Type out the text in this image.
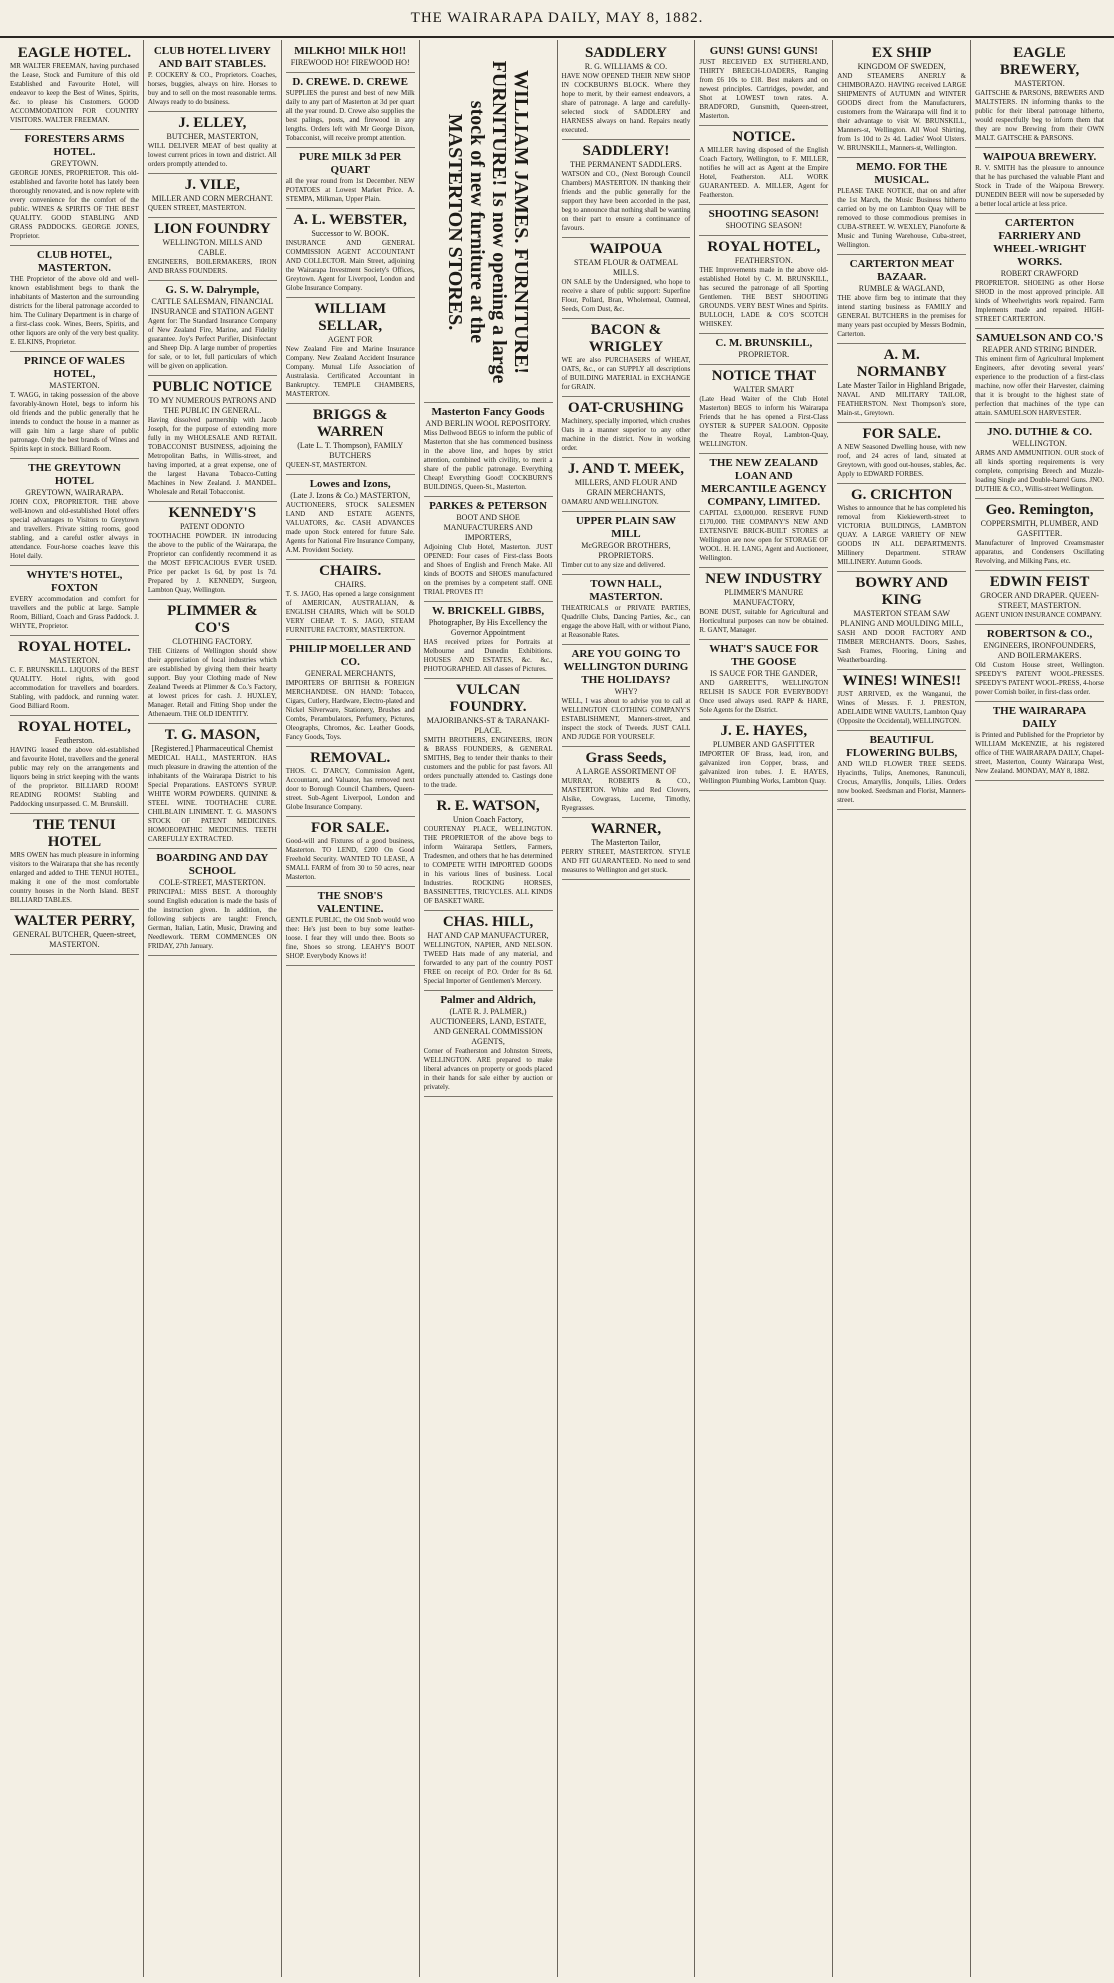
THE WAIRARAPA DAILY, MAY 8, 1882.
EAGLE HOTEL.
MR WALTER FREEMAN, having purchased the Lease, Stock and Furniture of this old Established and Favourite Hotel, will endeavor to keep the Best of Wines, Spirits, &c. to please his Customers. GOOD ACCOMMODATION FOR COUNTRY VISITORS. WALTER FREEMAN.
FORESTERS ARMS HOTEL.
GREYTOWN.
GEORGE JONES, PROPRIETOR. This old-established and favorite hotel has lately been thoroughly renovated, and is now replete with every convenience for the comfort of the public. WINES & SPIRITS OF THE BEST QUALITY. GOOD STABLING AND GRASS PADDOCKS. GEORGE JONES, Proprietor.
CLUB HOTEL, MASTERTON.
THE Proprietor of the above old and well-known establishment begs to thank the inhabitants of Masterton and the surrounding districts for the liberal patronage accorded to him. The Culinary Department is in charge of a first-class cook. Wines, Beers, Spirits, and other liquors are only of the very best quality. E. ELKINS, Proprietor.
PRINCE OF WALES HOTEL,
MASTERTON.
T. WAGG, in taking possession of the above favorably-known Hotel, begs to inform his old friends and the public generally that he intends to conduct the house in a manner as will gain him a large share of public patronage. Only the best brands of Wines and Spirits kept in stock. Billiard Room.
THE GREYTOWN HOTEL
GREYTOWN, WAIRARAPA.
JOHN COX, PROPRIETOR. THE above well-known and old-established Hotel offers special advantages to Visitors to Greytown and travellers. Private sitting rooms, good stabling, and a careful ostler always in attendance. Four-horse coaches leave this Hotel daily.
WHYTE'S HOTEL, FOXTON
EVERY accommodation and comfort for travellers and the public at large. Sample Room, Billiard, Coach and Grass Paddock. J. WHYTE, Proprietor.
ROYAL HOTEL.
MASTERTON.
C. F. BRUNSKILL. LIQUORS of the BEST QUALITY. Hotel rights, with good accommodation for travellers and boarders. Stabling, with paddock, and running water. Good Billiard Room.
ROYAL HOTEL,
Featherston.
HAVING leased the above old-established and favourite Hotel, travellers and the general public may rely on the arrangements and liquors being in strict keeping with the wants of the proprietor. BILLIARD ROOM! READING ROOMS! Stabling and Paddocking unsurpassed. C. M. Brunskill.
THE TENUI HOTEL
MRS OWEN has much pleasure in informing visitors to the Wairarapa that she has recently enlarged and added to THE TENUI HOTEL, making it one of the most comfortable country houses in the North Island. BEST BILLIARD TABLES.
WALTER PERRY,
GENERAL BUTCHER, Queen-street, MASTERTON.
CLUB HOTEL LIVERY AND BAIT STABLES.
P. COCKERY & CO., Proprietors. Coaches, horses, buggies, always on hire. Horses to buy and to sell on the most reasonable terms. Always ready to do business.
J. ELLEY,
BUTCHER, MASTERTON,
WILL DELIVER MEAT of best quality at lowest current prices in town and district. All orders promptly attended to.
J. VILE,
MILLER AND CORN MERCHANT.
QUEEN STREET, MASTERTON.
LION FOUNDRY
WELLINGTON. MILLS AND CABLE.
ENGINEERS, BOILERMAKERS, IRON AND BRASS FOUNDERS.
G. S. W. Dalrymple,
CATTLE SALESMAN, FINANCIAL INSURANCE and STATION AGENT
Agent for: The Standard Insurance Company of New Zealand Fire, Marine, and Fidelity guarantee. Joy's Perfect Purifier, Disinfectant and Sheep Dip. A large number of properties for sale, or to let, full particulars of which will be given on application.
PUBLIC NOTICE
TO MY NUMEROUS PATRONS AND THE PUBLIC IN GENERAL.
Having dissolved partnership with Jacob Joseph, for the purpose of extending more fully in my WHOLESALE AND RETAIL TOBACCONIST BUSINESS, adjoining the Metropolitan Baths, in Willis-street, and having imported, at a great expense, one of the largest Havana Tobacco-Cutting Machines in New Zealand. J. MANDEL. Wholesale and Retail Tobacconist.
KENNEDY'S
PATENT ODONTO
TOOTHACHE POWDER. IN introducing the above to the public of the Wairarapa, the Proprietor can confidently recommend it as the MOST EFFICACIOUS EVER USED. Price per packet 1s 6d, by post 1s 7d. Prepared by J. KENNEDY, Surgeon, Lambton Quay, Wellington.
PLIMMER & CO'S
CLOTHING FACTORY.
THE Citizens of Wellington should show their appreciation of local industries which are established by giving them their hearty support. Buy your Clothing made of New Zealand Tweeds at Plimmer & Co.'s Factory, at lowest prices for cash. J. HUXLEY, Manager. Retail and Fitting Shop under the Athenaeum. THE OLD IDENTITY.
T. G. MASON,
[Registered.] Pharmaceutical Chemist
MEDICAL HALL, MASTERTON. HAS much pleasure in drawing the attention of the inhabitants of the Wairarapa District to his Special Preparations. EASTON'S SYRUP. WHITE WORM POWDERS. QUININE & STEEL WINE. TOOTHACHE CURE. CHILBLAIN LINIMENT. T. G. MASON'S STOCK OF PATENT MEDICINES. HOMOEOPATHIC MEDICINES. TEETH CAREFULLY EXTRACTED.
BOARDING AND DAY SCHOOL
COLE-STREET, MASTERTON.
PRINCIPAL: MISS BEST. A thoroughly sound English education is made the basis of the instruction given. In addition, the following subjects are taught: French, German, Italian, Latin, Music, Drawing and Needlework. TERM COMMENCES ON FRIDAY, 27th January.
MILKHO! MILK HO!!
FIREWOOD HO! FIREWOOD HO!
D. CREWE. D. CREWE
SUPPLIES the purest and best of new Milk daily to any part of Masterton at 3d per quart all the year round. D. Crewe also supplies the best palings, posts, and firewood in any lengths. Orders left with Mr George Dixon, Tobacconist, will receive prompt attention.
PURE MILK 3d PER QUART
all the year round from 1st December. NEW POTATOES at Lowest Market Price. A. STEMPA, Milkman, Upper Plain.
A. L. WEBSTER,
Successor to W. BOOK.
INSURANCE AND GENERAL COMMISSION AGENT ACCOUNTANT AND COLLECTOR. Main Street, adjoining the Wairarapa Investment Society's Offices, Greytown. Agent for Liverpool, London and Globe Insurance Company.
WILLIAM SELLAR,
AGENT FOR
New Zealand Fire and Marine Insurance Company. New Zealand Accident Insurance Company. Mutual Life Association of Australasia. Certificated Accountant in Bankruptcy. TEMPLE CHAMBERS, MASTERTON.
BRIGGS & WARREN
(Late L. T. Thompson), FAMILY BUTCHERS
QUEEN-ST, MASTERTON.
Lowes and Izons,
(Late J. Izons & Co.) MASTERTON,
AUCTIONEERS, STOCK SALESMEN LAND AND ESTATE AGENTS, VALUATORS, &c. CASH ADVANCES made upon Stock entered for future Sale. Agents for National Fire Insurance Company, A.M. Provident Society.
CHAIRS.
CHAIRS.
T. S. JAGO, Has opened a large consignment of AMERICAN, AUSTRALIAN, & ENGLISH CHAIRS, Which will be SOLD VERY CHEAP. T. S. JAGO, STEAM FURNITURE FACTORY, MASTERTON.
PHILIP MOELLER AND CO.
GENERAL MERCHANTS,
IMPORTERS OF BRITISH & FOREIGN MERCHANDISE. ON HAND: Tobacco, Cigars, Cutlery, Hardware, Electro-plated and Nickel Silverware, Stationery, Brushes and Combs, Perambulators, Perfumery, Pictures, Oleographs, Chromos, &c. Leather Goods, Fancy Goods, Toys.
REMOVAL.
THOS. C. D'ARCY, Commission Agent, Accountant, and Valuator, has removed next door to Borough Council Chambers, Queen-street. Sub-Agent Liverpool, London and Globe Insurance Company.
FOR SALE.
Good-will and Fixtures of a good business, Masterton. TO LEND, £200 On Good Freehold Security. WANTED TO LEASE, A SMALL FARM of from 30 to 50 acres, near Masterton.
THE SNOB'S VALENTINE.
GENTLE PUBLIC, the Old Snob would woo thee: He's just been to buy some leather-loose. I fear they will undo thee. Boots so fine, Shoes so strong. LEAHY'S BOOT SHOP. Everybody Knows it!
WILLIAM JAMES. FURNITURE! FURNITURE! Is now opening a large stock of new furniture at the MASTERTON STORES.
Masterton Fancy Goods
AND BERLIN WOOL REPOSITORY.
Miss Dellwood BEGS to inform the public of Masterton that she has commenced business in the above line, and hopes by strict attention, combined with civility, to merit a share of the public patronage. Everything Cheap! Everything Good! COCKBURN'S BUILDINGS, Queen-St., Masterton.
PARKES & PETERSON
BOOT AND SHOE MANUFACTURERS AND IMPORTERS,
Adjoining Club Hotel, Masterton. JUST OPENED: Four cases of First-class Boots and Shoes of English and French Make. All kinds of BOOTS and SHOES manufactured on the premises by a competent staff. ONE TRIAL PROVES IT!
W. BRICKELL GIBBS,
Photographer, By His Excellency the Governor Appointment
HAS received prizes for Portraits at Melbourne and Dunedin Exhibitions. HOUSES AND ESTATES, &c. &c., PHOTOGRAPHED. All classes of Pictures.
VULCAN FOUNDRY.
MAJORIBANKS-ST & TARANAKI-PLACE.
SMITH BROTHERS, ENGINEERS, IRON & BRASS FOUNDERS, & GENERAL SMITHS, Beg to tender their thanks to their customers and the public for past favors. All orders punctually attended to. Castings done to the trade.
R. E. WATSON,
Union Coach Factory,
COURTENAY PLACE, WELLINGTON. THE PROPRIETOR of the above begs to inform Wairarapa Settlers, Farmers, Tradesmen, and others that he has determined to COMPETE WITH IMPORTED GOODS in his various lines of business. Local Industries. ROCKING HORSES, BASSINETTES, TRICYCLES. ALL KINDS OF BASKET WARE.
CHAS. HILL,
HAT AND CAP MANUFACTURER,
WELLINGTON, NAPIER, AND NELSON. TWEED Hats made of any material, and forwarded to any part of the country POST FREE on receipt of P.O. Order for 8s 6d. Special Importer of Gentlemen's Mercery.
Palmer and Aldrich,
(LATE R. J. PALMER,) AUCTIONEERS, LAND, ESTATE, AND GENERAL COMMISSION AGENTS,
Corner of Featherston and Johnston Streets, WELLINGTON. ARE prepared to make liberal advances on property or goods placed in their hands for sale either by auction or privately.
SADDLERY
R. G. WILLIAMS & CO.
HAVE NOW OPENED THEIR NEW SHOP IN COCKBURN'S BLOCK. Where they hope to merit, by their earnest endeavors, a share of patronage. A large and carefully-selected stock of SADDLERY and HARNESS always on hand. Repairs neatly executed.
SADDLERY!
THE PERMANENT SADDLERS.
WATSON and CO., (Next Borough Council Chambers) MASTERTON. IN thanking their friends and the public generally for the support they have been accorded in the past, beg to announce that nothing shall be wanting on their part to ensure a continuance of favours.
WAIPOUA
STEAM FLOUR & OATMEAL MILLS.
ON SALE by the Undersigned, who hope to receive a share of public support: Superfine Flour, Pollard, Bran, Wholemeal, Oatmeal, Seeds, Corn Dust, &c.
BACON & WRIGLEY
WE are also PURCHASERS of WHEAT, OATS, &c., or can SUPPLY all descriptions of BUILDING MATERIAL in EXCHANGE for GRAIN.
OAT-CRUSHING
Machinery, specially imported, which crushes Oats in a manner superior to any other machine in the district. Now in working order.
J. AND T. MEEK,
MILLERS, AND FLOUR AND GRAIN MERCHANTS,
OAMARU AND WELLINGTON.
UPPER PLAIN SAW MILL
McGREGOR BROTHERS, PROPRIETORS.
Timber cut to any size and delivered.
TOWN HALL, MASTERTON.
THEATRICALS or PRIVATE PARTIES, Quadrille Clubs, Dancing Parties, &c., can engage the above Hall, with or without Piano, at Reasonable Rates.
ARE YOU GOING TO WELLINGTON DURING THE HOLIDAYS?
WHY?
WELL, I was about to advise you to call at WELLINGTON CLOTHING COMPANY'S ESTABLISHMENT, Manners-street, and inspect the stock of Tweeds. JUST CALL AND JUDGE FOR YOURSELF.
Grass Seeds,
A LARGE ASSORTMENT OF
MURRAY, ROBERTS & CO., MASTERTON. White and Red Clovers, Alsike, Cowgrass, Lucerne, Timothy, Ryegrasses.
WARNER,
The Masterton Tailor,
PERRY STREET, MASTERTON. STYLE AND FIT GUARANTEED. No need to send measures to Wellington and get stuck.
GUNS! GUNS! GUNS!
JUST RECEIVED EX SUTHERLAND, THIRTY BREECH-LOADERS, Ranging from £6 10s to £18. Best makers and on newest principles. Cartridges, powder, and Shot at LOWEST town rates. A. BRADFORD, Gunsmith, Queen-street, Masterton.
NOTICE.
A MILLER having disposed of the English Coach Factory, Wellington, to F. MILLER, notifies he will act as Agent at the Empire Hotel, Featherston. ALL WORK GUARANTEED. A. MILLER, Agent for Featherston.
SHOOTING SEASON!
SHOOTING SEASON!
ROYAL HOTEL,
FEATHERSTON.
THE Improvements made in the above old-established Hotel by C. M. BRUNSKILL, has secured the patronage of all Sporting Gentlemen. THE BEST SHOOTING GROUNDS. VERY BEST Wines and Spirits. BULLOCH, LADE & CO'S SCOTCH WHISKEY.
C. M. BRUNSKILL,
PROPRIETOR.
NOTICE THAT
WALTER SMART
(Late Head Waiter of the Club Hotel Masterton) BEGS to inform his Wairarapa Friends that he has opened a First-Class OYSTER & SUPPER SALOON. Opposite the Theatre Royal, Lambton-Quay, WELLINGTON.
THE NEW ZEALAND LOAN AND MERCANTILE AGENCY COMPANY, LIMITED.
CAPITAL £3,000,000. RESERVE FUND £170,000. THE COMPANY'S NEW AND EXTENSIVE BRICK-BUILT STORES at Wellington are now open for STORAGE OF WOOL. H. H. LANG, Agent and Auctioneer, Wellington.
NEW INDUSTRY
PLIMMER'S MANURE MANUFACTORY,
BONE DUST, suitable for Agricultural and Horticultural purposes can now be obtained. R. GANT, Manager.
WHAT'S SAUCE FOR THE GOOSE
IS SAUCE FOR THE GANDER,
AND GARRETT'S, WELLINGTON RELISH IS SAUCE FOR EVERYBODY! Once used always used. RAPP & HARE, Sole Agents for the District.
J. E. HAYES,
PLUMBER AND GASFITTER
IMPORTER OF Brass, lead, iron, and galvanized iron Copper, brass, and galvanized iron tubes. J. E. HAYES, Wellington Plumbing Works, Lambton Quay.
EX SHIP
KINGDOM OF SWEDEN,
AND STEAMERS ANERLY & CHIMBORAZO. HAVING received LARGE SHIPMENTS of AUTUMN and WINTER GOODS direct from the Manufacturers, customers from the Wairarapa will find it to their advantage to visit W. BRUNSKILL, Manners-st, Wellington. All Wool Shirting, from 1s 10d to 2s 4d. Ladies' Wool Ulsters. W. BRUNSKILL, Manners-st, Wellington.
MEMO. FOR THE MUSICAL.
PLEASE TAKE NOTICE, that on and after the 1st March, the Music Business hitherto carried on by me on Lambton Quay will be removed to those commodious premises in CUBA-STREET. W. WEXLEY, Pianoforte & Music and Tuning Warehouse, Cuba-street, Wellington.
CARTERTON MEAT BAZAAR.
RUMBLE & WAGLAND,
THE above firm beg to intimate that they intend starting business as FAMILY and GENERAL BUTCHERS in the premises for many years past occupied by Messrs Bodmin, Carterton.
A. M. NORMANBY
Late Master Tailor in Highland Brigade,
NAVAL AND MILITARY TAILOR, FEATHERSTON. Next Thompson's store, Main-st., Greytown.
FOR SALE.
A NEW Seasoned Dwelling house, with new roof, and 24 acres of land, situated at Greytown, with good out-houses, stables, &c. Apply to EDWARD FORBES.
G. CRICHTON
Wishes to announce that he has completed his removal from Kiekiewerth-street to VICTORIA BUILDINGS, LAMBTON QUAY. A LARGE VARIETY OF NEW GOODS IN ALL DEPARTMENTS. Millinery Department. STRAW MILLINERY. Autumn Goods.
BOWRY AND KING
MASTERTON STEAM SAW PLANING AND MOULDING MILL,
SASH AND DOOR FACTORY AND TIMBER MERCHANTS. Doors, Sashes, Sash Frames, Flooring, Lining and Weatherboarding.
WINES! WINES!!
JUST ARRIVED, ex the Wanganui, the Wines of Messrs. F. J. PRESTON, ADELAIDE WINE VAULTS, Lambton Quay (Opposite the Occidental), WELLINGTON.
BEAUTIFUL FLOWERING BULBS,
AND WILD FLOWER TREE SEEDS. Hyacinths, Tulips, Anemones, Ranunculi, Crocus, Amaryllis, Jonquils, Lilies. Orders now booked. Seedsman and Florist, Manners-street.
EAGLE BREWERY,
MASTERTON.
GAITSCHE & PARSONS, BREWERS AND MALTSTERS. IN informing thanks to the public for their liberal patronage hitherto, would respectfully beg to inform them that they are now Brewing from their OWN MALT. GAITSCHE & PARSONS.
WAIPOUA BREWERY.
R. V. SMITH has the pleasure to announce that he has purchased the valuable Plant and Stock in Trade of the Waipoua Brewery. DUNEDIN BEER will now be superseded by a better local article at less price.
CARTERTON FARRIERY AND WHEEL-WRIGHT WORKS.
ROBERT CRAWFORD
PROPRIETOR. SHOEING as other Horse SHOD in the most approved principle. All kinds of Wheelwrights work repaired. Farm Implements made and repaired. HIGH-STREET CARTERTON.
SAMUELSON AND CO.'S
REAPER AND STRING BINDER.
This eminent firm of Agricultural Implement Engineers, after devoting several years' experience to the production of a first-class machine, now offer their Harvester, claiming that it is brought to the highest state of perfection that machines of the type can attain. SAMUELSON HARVESTER.
JNO. DUTHIE & CO.
WELLINGTON.
ARMS AND AMMUNITION. OUR stock of all kinds sporting requirements is very complete, comprising Breech and Muzzle-loading Single and Double-barrel Guns. JNO. DUTHIE & CO., Willis-street Wellington.
Geo. Remington,
COPPERSMITH, PLUMBER, AND GASFITTER.
Manufacturer of Improved Creamsmaster apparatus, and Condensers Oscillating Revolving, and Milking Pans, etc.
EDWIN FEIST
GROCER AND DRAPER. QUEEN-STREET, MASTERTON.
AGENT UNION INSURANCE COMPANY.
ROBERTSON & CO.,
ENGINEERS, IRONFOUNDERS, AND BOILERMAKERS.
Old Custom House street, Wellington. SPEEDY'S PATENT WOOL-PRESSES. SPEEDY'S PATENT WOOL-PRESS, 4-horse power Cornish boiler, in first-class order.
THE WAIRARAPA DAILY
is Printed and Published for the Proprietor by WILLIAM McKENZIE, at his registered office of THE WAIRARAPA DAILY, Chapel-street, Masterton, County Wairarapa West, New Zealand. MONDAY, MAY 8, 1882.
